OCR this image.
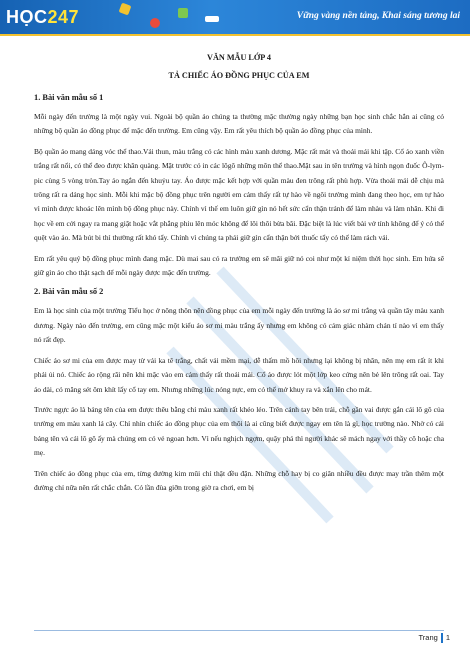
HỌC247	Vững vàng nền tảng, Khai sáng tương lai
VĂN MẪU LỚP 4
TẢ CHIẾC ÁO ĐỒNG PHỤC CỦA EM
1. Bài văn mẫu số 1
Mỗi ngày đến trường là một ngày vui. Ngoài bộ quần áo chúng ta thường mặc thường ngày những bạn học sinh chắc hẳn ai cũng có những bộ quần áo đồng phục để mặc đến trường. Em cũng vậy. Em rất yêu thích bộ quần áo đồng phục của mình.
Bộ quần áo mang dáng vóc thể thao.Vải thun, màu trắng có các hình màu xanh dương. Mặc rất mát và thoải mái khi tập. Cổ áo xanh viền trắng rất nổi, có thể đeo được khăn quàng. Mặt trước có in các lôgô những môn thể thao.Mặt sau in tên trường và hình ngọn đuốc Ô-lym-pic cùng 5 vòng tròn.Tay áo ngắn đến khuỷu tay. Áo được mặc kết hợp với quần màu đen trông rất phù hợp. Vừa thoải mái dễ chịu mà trông rất ra dáng học sinh. Mỗi khi mặc bộ đồng phục trên người em cảm thấy rất tự hào về ngôi trường mình đang theo học, em tự hào vì mình được khoác lên mình bộ đồng phục này. Chính vì thế em luôn giữ gìn nó hết sức cẩn thận tránh để làm nhàu và làm nhăn. Khi đi học về em cởi ngay ra mang giặt hoặc vắt phẳng phiu lên móc không để lôi thôi bừa bãi. Đặc biệt là lúc viết bài vở tính không để ý có thể quệt vào áo. Mà bút bi thì thường rất khó tẩy. Chính vì chúng ta phải giữ gìn cẩn thận bởi thuốc tẩy có thể làm rách vải.
Em rất yêu quý bộ đồng phục mình đang mặc. Dù mai sau có ra trường em sẽ mãi giữ nó coi như một kỉ niệm thời học sinh. Em hứa sẽ giữ gìn áo cho thật sạch để mỗi ngày được mặc đến trường.
2. Bài văn mẫu số 2
Em là học sinh của một trường Tiểu học ở nông thôn nên đồng phục của em mỗi ngày đến trường là áo sơ mi trắng và quần tây màu xanh dương. Ngày nào đến trường, em cũng mặc một kiểu áo sơ mi màu trắng ấy nhưng em không có cảm giác nhàm chán tí nào vì em thấy nó rất đẹp.
Chiếc áo sơ mi của em được may từ vải ka tê trắng, chất vải mềm mại, dễ thấm mồ hôi nhưng lại không bị nhăn, nên mẹ em rất ít khi phải ủi nó. Chiếc áo rộng rãi nên khi mặc vào em cảm thấy rất thoải mái. Cổ áo được lót một lớp keo cứng nên bẻ lên trông rất oai. Tay áo dài, có măng sét ôm khít lấy cổ tay em. Nhưng những lúc nóng nực, em có thể mở khuy ra và xắn lên cho mát.
Trước ngực áo là bảng tên của em được thêu bằng chỉ màu xanh rất khéo léo. Trên cánh tay bên trái, chỗ gần vai được gắn cái lô gô của trường em màu xanh lá cây. Chỉ nhìn chiếc áo đồng phục của em thôi là ai cũng biết được ngay em tên là gì, học trường nào. Nhờ có cái bảng tên và cái lô gô ấy mà chúng em có vẻ ngoan hơn. Vì nếu nghịch ngợm, quậy phá thì người khác sẽ mách ngay với thầy cô hoặc cha mẹ.
Trên chiếc áo đồng phục của em, từng đường kim mũi chỉ thật đều đặn. Những chỗ hay bị co giãn nhiều đều được may trần thêm một đường chỉ nữa nên rất chắc chắn. Có lần đùa giỡn trong giờ ra chơi, em bị
Trang 1
